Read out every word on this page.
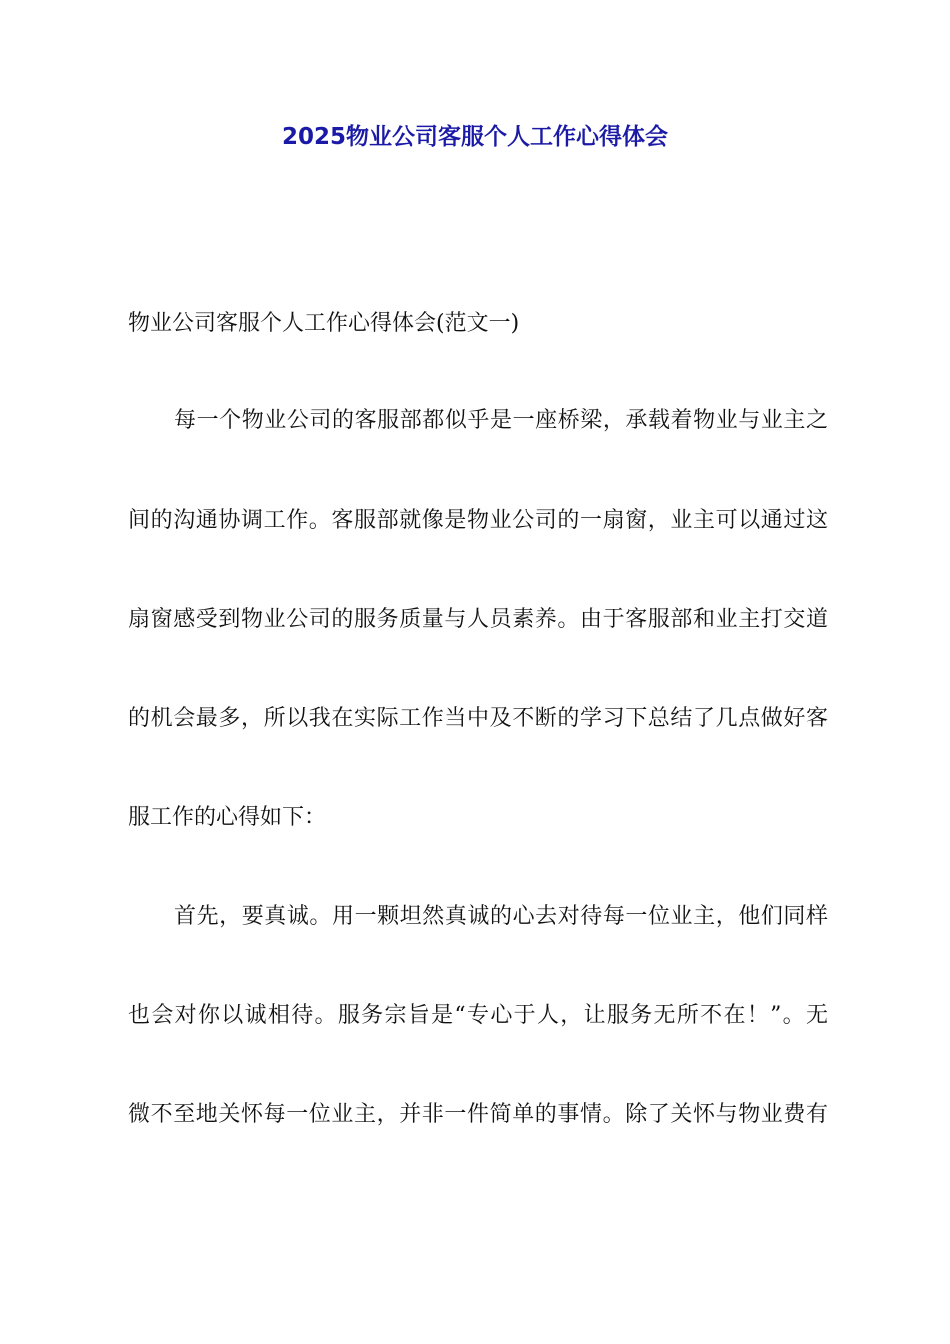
2025物业公司客服个人工作心得体会

物业公司客服个人工作心得体会(范文一)

每一个物业公司的客服部都似乎是一座桥梁，承载着物业与业主之

间的沟通协调工作。客服部就像是物业公司的一扇窗，业主可以通过这

扇窗感受到物业公司的服务质量与人员素养。由于客服部和业主打交道

的机会最多，所以我在实际工作当中及不断的学习下总结了几点做好客

服工作的心得如下：

首先，要真诚。用一颗坦然真诚的心去对待每一位业主，他们同样

也会对你以诚相待。服务宗旨是“专心于人，让服务无所不在！”。无

微不至地关怀每一位业主，并非一件简单的事情。除了关怀与物业费有
